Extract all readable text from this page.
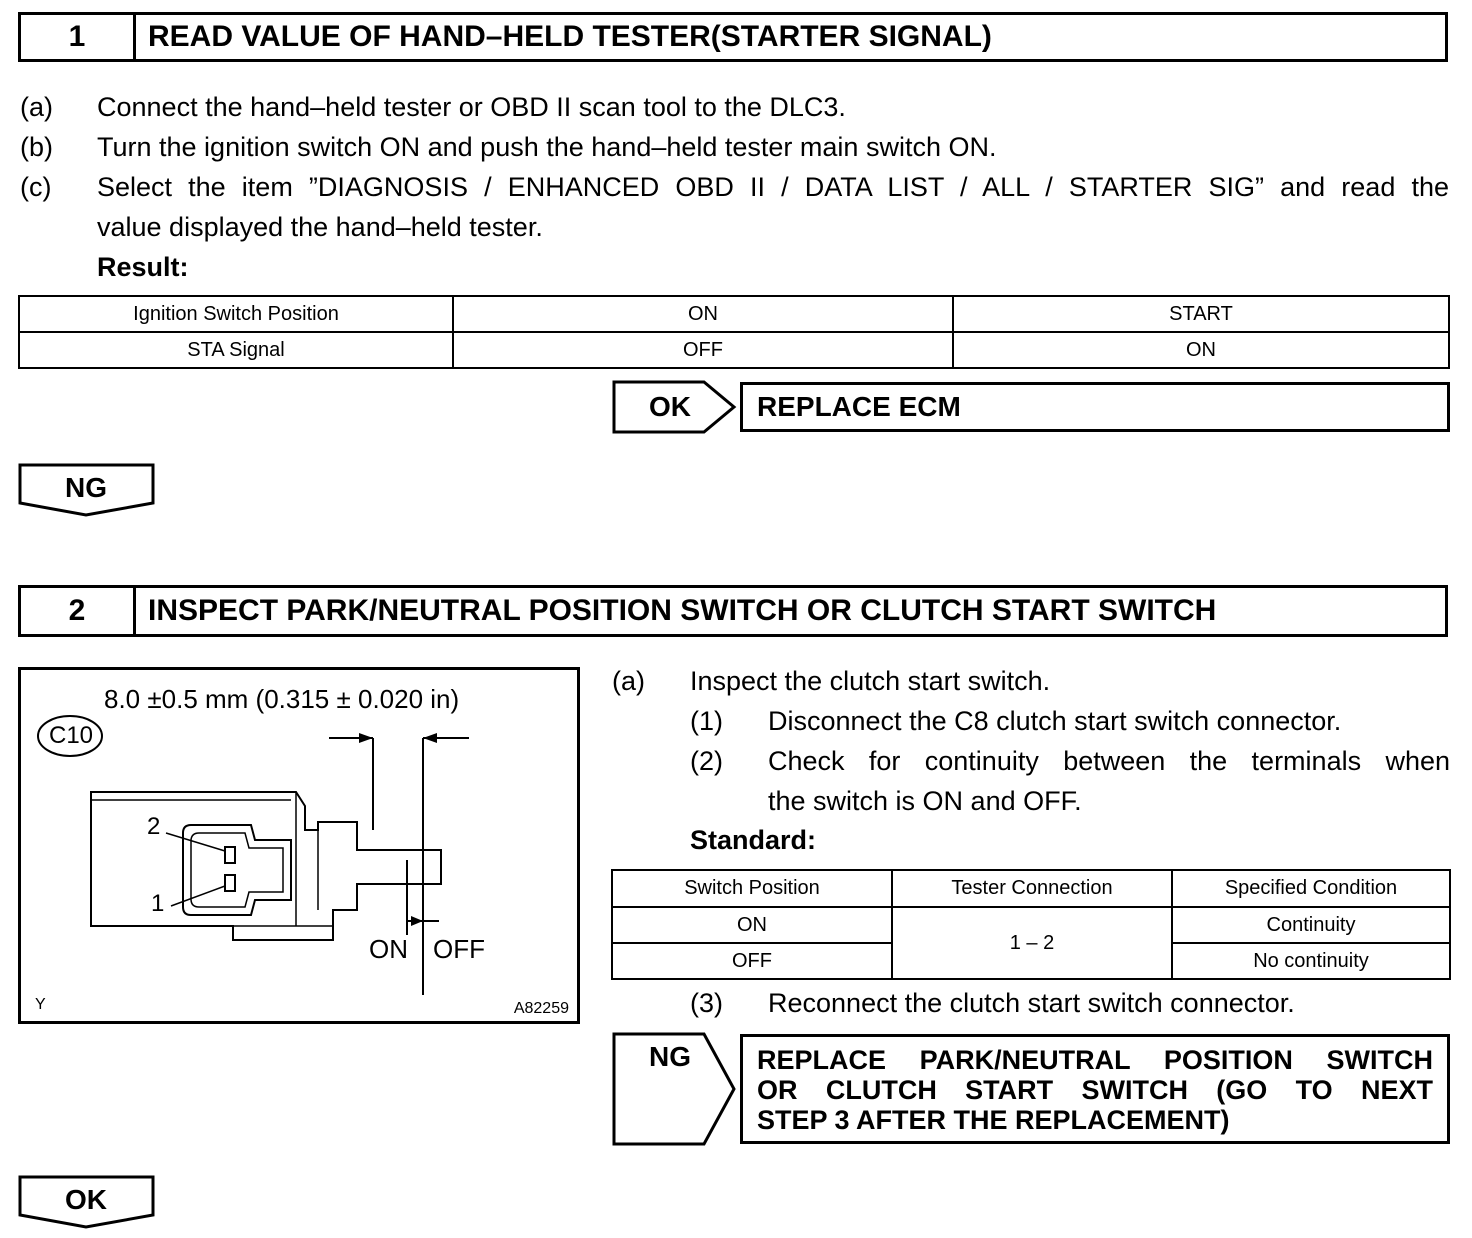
1	READ VALUE OF HAND–HELD TESTER(STARTER SIGNAL)
(a) Connect the hand–held tester or OBD II scan tool to the DLC3.
(b) Turn the ignition switch ON and push the hand–held tester main switch ON.
(c) Select the item ”DIAGNOSIS / ENHANCED OBD II / DATA LIST / ALL / STARTER SIG” and read the
value displayed the hand–held tester.
Result:
Ignition Switch Position	ON	START
STA Signal	OFF	ON
OK	REPLACE ECM
NG
2	INSPECT PARK/NEUTRAL POSITION SWITCH OR CLUTCH START SWITCH
8.0 ±0.5 mm (0.315 ± 0.020 in)
C10
2
1
ON OFF
Y	A82259
(a) Inspect the clutch start switch.
(1) Disconnect the C8 clutch start switch connector.
(2) Check for continuity between the terminals when
the switch is ON and OFF.
Standard:
Switch Position	Tester Connection	Specified Condition
ON	1 – 2	Continuity
OFF		No continuity
(3) Reconnect the clutch start switch connector.
NG	REPLACE PARK/NEUTRAL POSITION SWITCH
OR CLUTCH START SWITCH (GO TO NEXT
STEP 3 AFTER THE REPLACEMENT)
OK
